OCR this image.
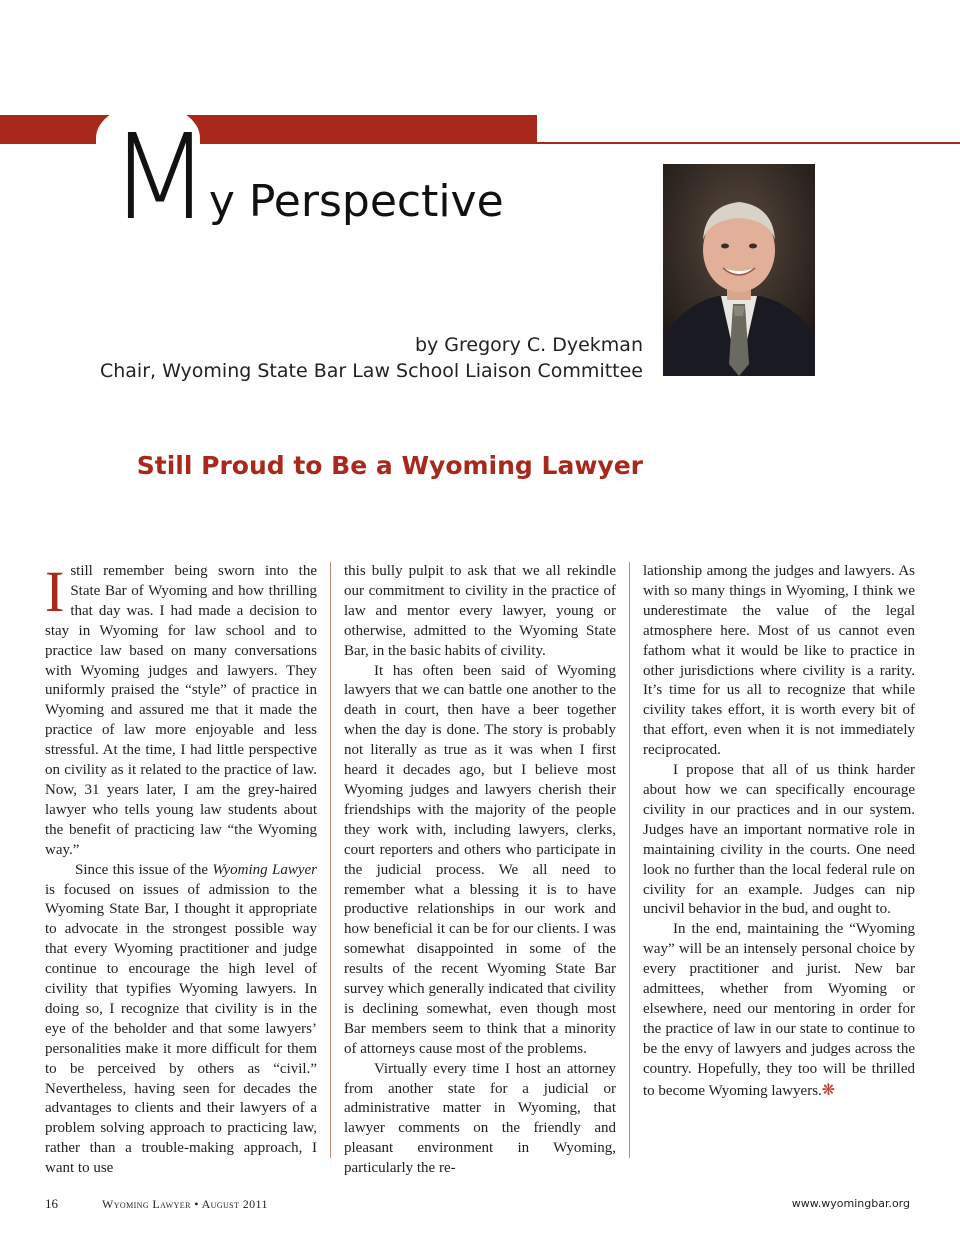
My Perspective
by Gregory C. Dyekman
Chair, Wyoming State Bar Law School Liaison Committee
Still Proud to Be a Wyoming Lawyer

Istill remember being sworn into the State Bar of Wyoming and how thrilling that day was. I had made a decision to stay in Wyoming for law school and to practice law based on many conversations with Wyoming judges and lawyers. They uniformly praised the “style” of practice in Wyoming and assured me that it made the practice of law more enjoyable and less stressful. At the time, I had little perspective on civility as it related to the practice of law. Now, 31 years later, I am the grey-haired lawyer who tells young law students about the benefit of practicing law “the Wyoming way.”

Since this issue of the Wyoming Lawyer is focused on issues of admission to the Wyoming State Bar, I thought it appropriate to advocate in the strongest possible way that every Wyoming practitioner and judge continue to encourage the high level of civility that typifies Wyoming lawyers. In doing so, I recognize that civility is in the eye of the beholder and that some lawyers’ personalities make it more difficult for them to be perceived by others as “civil.” Nevertheless, having seen for decades the advantages to clients and their lawyers of a problem solving approach to practicing law, rather than a trouble-making approach, I want to use

this bully pulpit to ask that we all rekindle our commitment to civility in the practice of law and mentor every lawyer, young or otherwise, admitted to the Wyoming State Bar, in the basic habits of civility.

It has often been said of Wyoming lawyers that we can battle one another to the death in court, then have a beer together when the day is done. The story is probably not literally as true as it was when I first heard it decades ago, but I believe most Wyoming judges and lawyers cherish their friendships with the majority of the people they work with, including lawyers, clerks, court reporters and others who participate in the judicial process. We all need to remember what a blessing it is to have productive relationships in our work and how beneficial it can be for our clients. I was somewhat disappointed in some of the results of the recent Wyoming State Bar survey which generally indicated that civility is declining somewhat, even though most Bar members seem to think that a minority of attorneys cause most of the problems.

Virtually every time I host an attorney from another state for a judicial or administrative matter in Wyoming, that lawyer comments on the friendly and pleasant environment in Wyoming, particularly the re-

lationship among the judges and lawyers. As with so many things in Wyoming, I think we underestimate the value of the legal atmosphere here. Most of us cannot even fathom what it would be like to practice in other jurisdictions where civility is a rarity. It’s time for us all to recognize that while civility takes effort, it is worth every bit of that effort, even when it is not immediately reciprocated.

I propose that all of us think harder about how we can specifically encourage civility in our practices and in our system. Judges have an important normative role in maintaining civility in the courts. One need look no further than the local federal rule on civility for an example. Judges can nip uncivil behavior in the bud, and ought to.

In the end, maintaining the “Wyoming way” will be an intensely personal choice by every practitioner and jurist. New bar admittees, whether from Wyoming or elsewhere, need our mentoring in order for the practice of law in our state to continue to be the envy of lawyers and judges across the country. Hopefully, they too will be thrilled to become Wyoming lawyers.❋

16	Wyoming Lawyer • August 2011	www.wyomingbar.org
